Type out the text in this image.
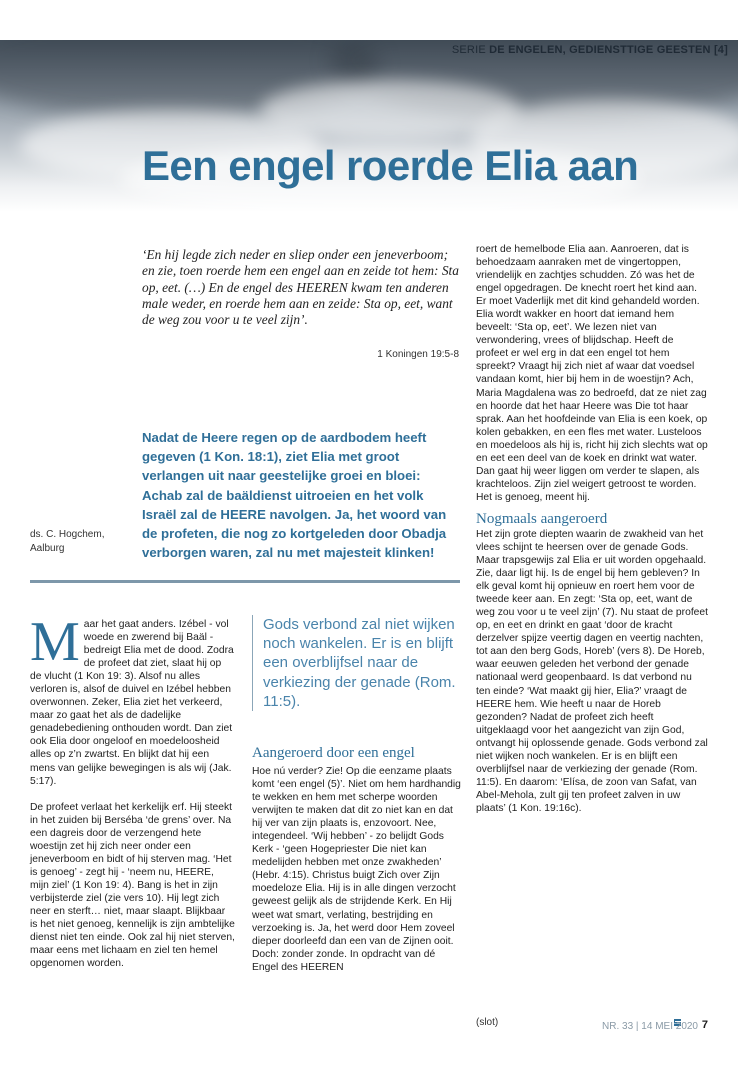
SERIE DE ENGELEN, GEDIENSTTIGE GEESTEN [4]
Een engel roerde Elia aan

‘En hij legde zich neder en sliep onder een jeneverboom; en zie, toen roerde hem een engel aan en zeide tot hem: Sta op, eet. (…) En de engel des HEEREN kwam ten anderen male weder, en roerde hem aan en zeide: Sta op, eet, want de weg zou voor u te veel zijn’.

1 Koningen 19:5-8

Nadat de Heere regen op de aardbodem heeft gegeven (1 Kon. 18:1), ziet Elia met groot verlangen uit naar geestelijke groei en bloei: Achab zal de baäldienst uitroeien en het volk Israël zal de HEERE navolgen. Ja, het woord van de profeten, die nog zo kortgeleden door Obadja verborgen waren, zal nu met majesteit klinken!

ds. C. Hogchem,
Aalburg

Maar het gaat anders. Izébel - vol woede en zwerend bij Baäl - bedreigt Elia met de dood. Zodra de profeet dat ziet, slaat hij op de vlucht (1 Kon 19: 3). Alsof nu alles verloren is, alsof de duivel en Izébel hebben overwonnen. Zeker, Elia ziet het verkeerd, maar zo gaat het als de dadelijke genadebediening onthouden wordt. Dan ziet ook Elia door ongeloof en moedeloosheid alles op z’n zwartst. En blijkt dat hij een mens van gelijke bewegingen is als wij (Jak. 5:17).

De profeet verlaat het kerkelijk erf. Hij steekt in het zuiden bij Berséba ‘de grens’ over. Na een dagreis door de verzengend hete woestijn zet hij zich neer onder een jeneverboom en bidt of hij sterven mag. ‘Het is genoeg’ - zegt hij - ‘neem nu, HEERE, mijn ziel’ (1 Kon 19: 4). Bang is het in zijn verbijsterde ziel (zie vers 10). Hij legt zich neer en sterft… niet, maar slaapt. Blijkbaar is het niet genoeg, kennelijk is zijn ambtelijke dienst niet ten einde. Ook zal hij niet sterven, maar eens met lichaam en ziel ten hemel opgenomen worden.

Gods verbond zal niet wijken noch wankelen. Er is en blijft een overblijfsel naar de verkiezing der genade (Rom. 11:5).

Aangeroerd door een engel

Hoe nú verder? Zie! Op die eenzame plaats komt ‘een engel (5)’. Niet om hem hardhandig te wekken en hem met scherpe woorden verwijten te maken dat dit zo niet kan en dat hij ver van zijn plaats is, enzovoort. Nee, integendeel. ‘Wij hebben’ - zo belijdt Gods Kerk - ‘geen Hogepriester Die niet kan medelijden hebben met onze zwakheden’ (Hebr. 4:15). Christus buigt Zich over Zijn moedeloze Elia. Hij is in alle dingen verzocht geweest gelijk als de strijdende Kerk. En Hij weet wat smart, verlating, bestrijding en verzoeking is. Ja, het werd door Hem zoveel dieper doorleefd dan een van de Zijnen ooit. Doch: zonder zonde. In opdracht van dé Engel des HEEREN

roert de hemelbode Elia aan. Aanroeren, dat is behoedzaam aanraken met de vingertoppen, vriendelijk en zachtjes schudden. Zó was het de engel opgedragen. De knecht roert het kind aan. Er moet Vaderlijk met dit kind gehandeld worden. Elia wordt wakker en hoort dat iemand hem beveelt: ‘Sta op, eet’. We lezen niet van verwondering, vrees of blijdschap. Heeft de profeet er wel erg in dat een engel tot hem spreekt? Vraagt hij zich niet af waar dat voedsel vandaan komt, hier bij hem in de woestijn? Ach, Maria Magdalena was zo bedroefd, dat ze niet zag en hoorde dat het haar Heere was Die tot haar sprak. Aan het hoofdeinde van Elia is een koek, op kolen gebakken, en een fles met water. Lusteloos en moedeloos als hij is, richt hij zich slechts wat op en eet een deel van de koek en drinkt wat water. Dan gaat hij weer liggen om verder te slapen, als krachteloos. Zijn ziel weigert getroost te worden. Het is genoeg, meent hij.

Nogmaals aangeroerd

Het zijn grote diepten waarin de zwakheid van het vlees schijnt te heersen over de genade Gods. Maar trapsgewijs zal Elia er uit worden opgehaald. Zie, daar ligt hij. Is de engel bij hem gebleven? In elk geval komt hij opnieuw en roert hem voor de tweede keer aan. En zegt: ‘Sta op, eet, want de weg zou voor u te veel zijn’ (7). Nu staat de profeet op, en eet en drinkt en gaat ‘door de kracht derzelver spijze veertig dagen en veertig nachten, tot aan den berg Gods, Horeb’ (vers 8). De Horeb, waar eeuwen geleden het verbond der genade nationaal werd geopenbaard. Is dat verbond nu ten einde? ‘Wat maakt gij hier, Elia?’ vraagt de HEERE hem. Wie heeft u naar de Horeb gezonden? Nadat de profeet zich heeft uitgeklaagd voor het aangezicht van zijn God, ontvangt hij oplossende genade. Gods verbond zal niet wijken noch wankelen. Er is en blijft een overblijfsel naar de verkiezing der genade (Rom. 11:5). En daarom: ‘Elísa, de zoon van Safat, van Abel-Mehola, zult gij ten profeet zalven in uw plaats’ (1 Kon. 19:16c).

(slot)	NR. 33 | 14 MEI 2020 7
